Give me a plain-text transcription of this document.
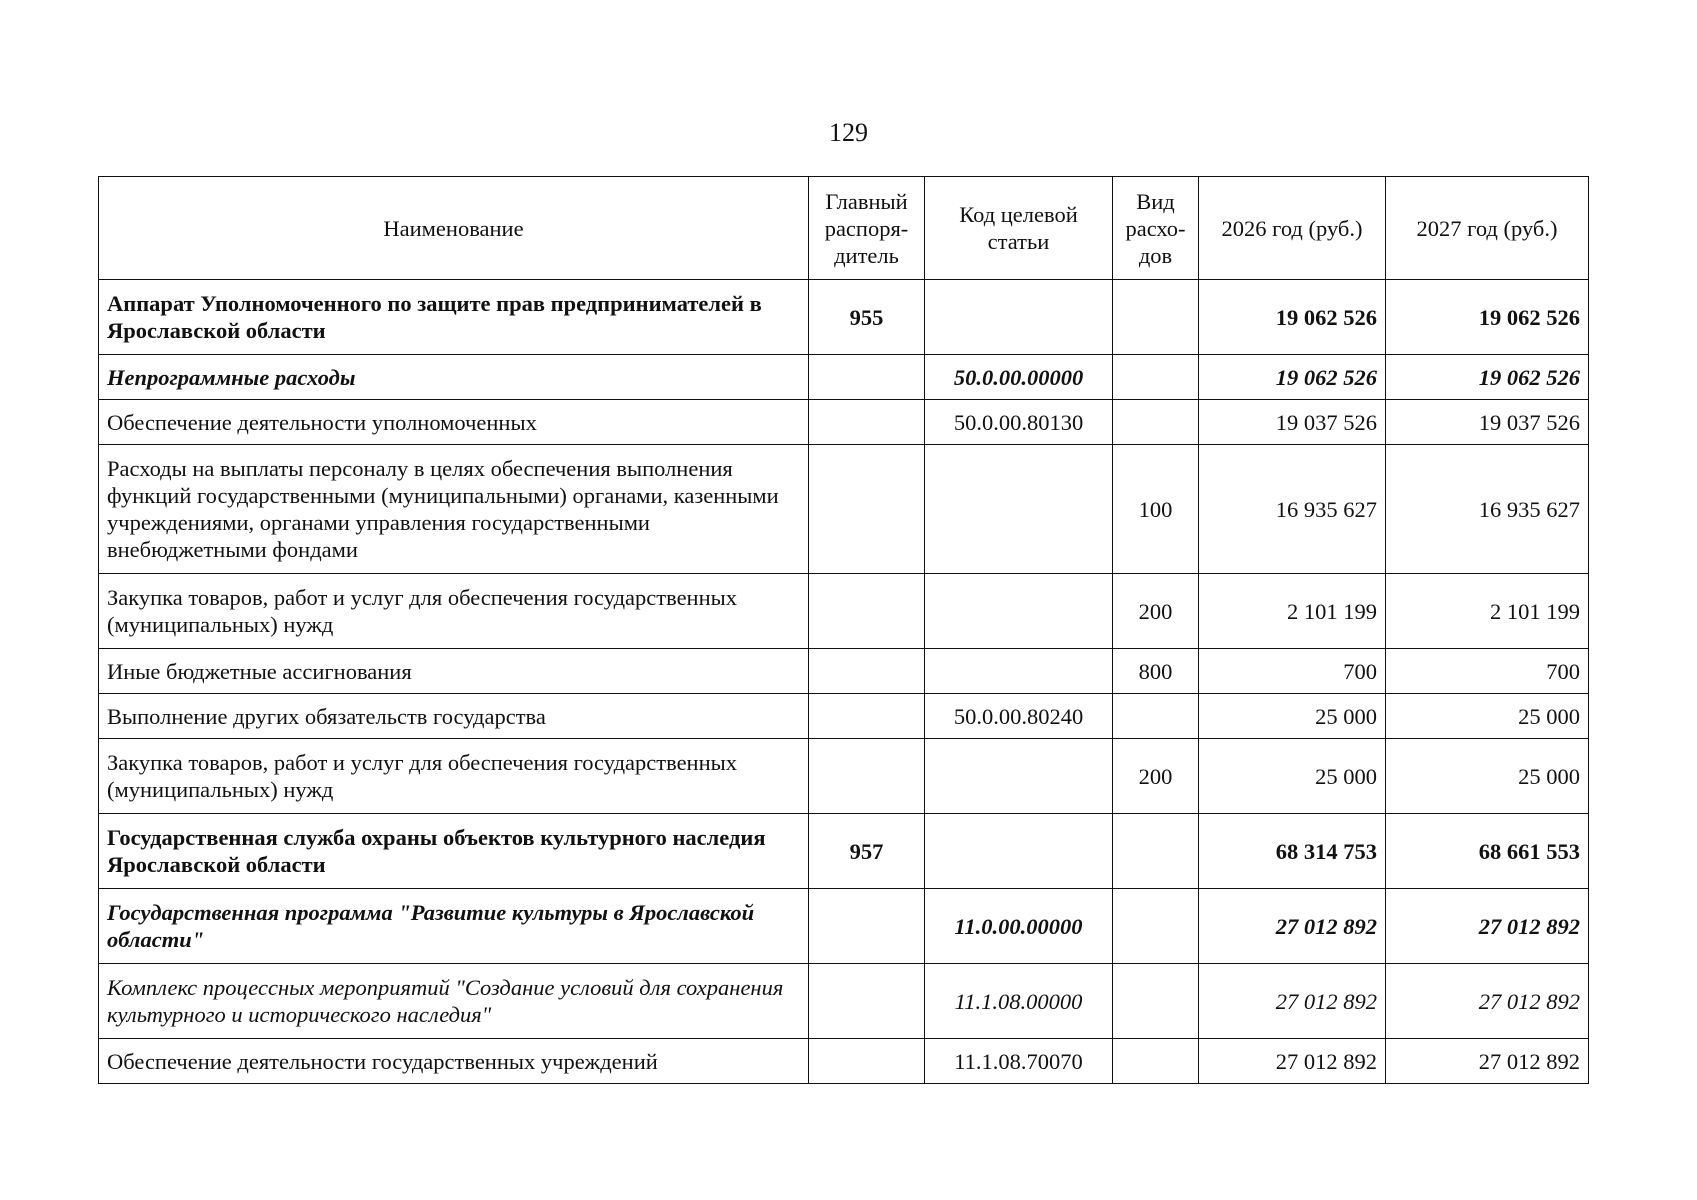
129
Наименование	Главный распоря-дитель	Код целевой статьи	Вид расхо-дов	2026 год (руб.)	2027 год (руб.)
Аппарат Уполномоченного по защите прав предпринимателей в Ярославской области	955			19 062 526	19 062 526
Непрограммные расходы		50.0.00.00000		19 062 526	19 062 526
Обеспечение деятельности уполномоченных		50.0.00.80130		19 037 526	19 037 526
Расходы на выплаты персоналу в целях обеспечения выполнения функций государственными (муниципальными) органами, казенными учреждениями, органами управления государственными внебюджетными фондами			100	16 935 627	16 935 627
Закупка товаров, работ и услуг для обеспечения государственных (муниципальных) нужд			200	2 101 199	2 101 199
Иные бюджетные ассигнования			800	700	700
Выполнение других обязательств государства		50.0.00.80240		25 000	25 000
Закупка товаров, работ и услуг для обеспечения государственных (муниципальных) нужд			200	25 000	25 000
Государственная служба охраны объектов культурного наследия Ярославской области	957			68 314 753	68 661 553
Государственная программа "Развитие культуры в Ярославской области"		11.0.00.00000		27 012 892	27 012 892
Комплекс процессных мероприятий "Создание условий для сохранения культурного и исторического наследия"		11.1.08.00000		27 012 892	27 012 892
Обеспечение деятельности государственных учреждений		11.1.08.70070		27 012 892	27 012 892
